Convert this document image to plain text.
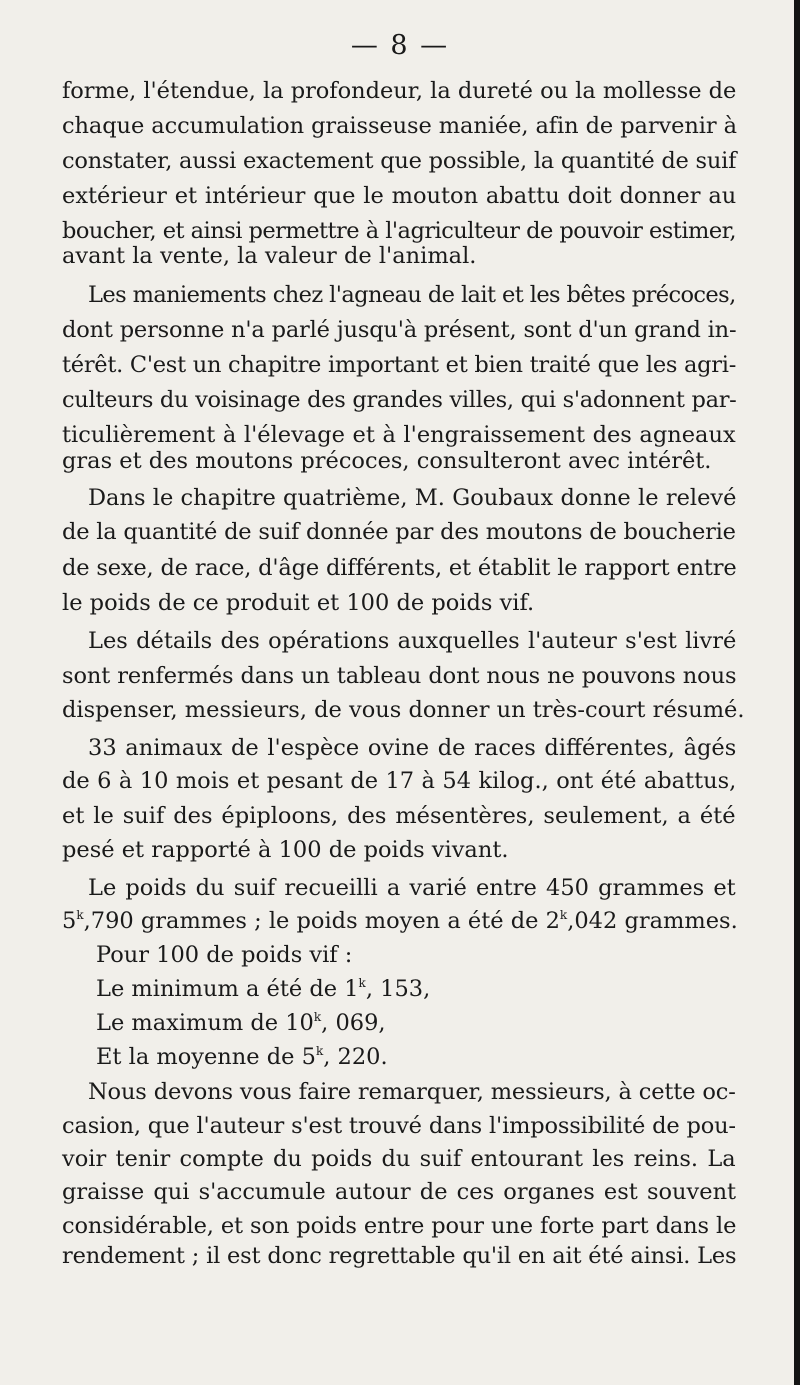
— 8 —
forme, l'étendue, la profondeur, la dureté ou la mollesse de
chaque accumulation graisseuse maniée, afin de parvenir à
constater, aussi exactement que possible, la quantité de suif
extérieur et intérieur que le mouton abattu doit donner au
boucher, et ainsi permettre à l'agriculteur de pouvoir estimer,
avant la vente, la valeur de l'animal.
Les maniements chez l'agneau de lait et les bêtes précoces,
dont personne n'a parlé jusqu'à présent, sont d'un grand in-
térêt. C'est un chapitre important et bien traité que les agri-
culteurs du voisinage des grandes villes, qui s'adonnent par-
ticulièrement à l'élevage et à l'engraissement des agneaux
gras et des moutons précoces, consulteront avec intérêt.
Dans le chapitre quatrième, M. Goubaux donne le relevé
de la quantité de suif donnée par des moutons de boucherie
de sexe, de race, d'âge différents, et établit le rapport entre
le poids de ce produit et 100 de poids vif.
Les détails des opérations auxquelles l'auteur s'est livré
sont renfermés dans un tableau dont nous ne pouvons nous
dispenser, messieurs, de vous donner un très-court résumé.
33 animaux de l'espèce ovine de races différentes, âgés
de 6 à 10 mois et pesant de 17 à 54 kilog., ont été abattus,
et le suif des épiploons, des mésentères, seulement, a été
pesé et rapporté à 100 de poids vivant.
Le poids du suif recueilli a varié entre 450 grammes et
5$^k$,790 grammes ; le poids moyen a été de 2$^k$,042 grammes.
Pour 100 de poids vif :
Le minimum a été de 1$^k$, 153,
Le maximum de 10$^k$, 069,
Et la moyenne de 5$^k$, 220.
Nous devons vous faire remarquer, messieurs, à cette oc-
casion, que l'auteur s'est trouvé dans l'impossibilité de pou-
voir tenir compte du poids du suif entourant les reins. La
graisse qui s'accumule autour de ces organes est souvent
considérable, et son poids entre pour une forte part dans le
rendement ; il est donc regrettable qu'il en ait été ainsi. Les
